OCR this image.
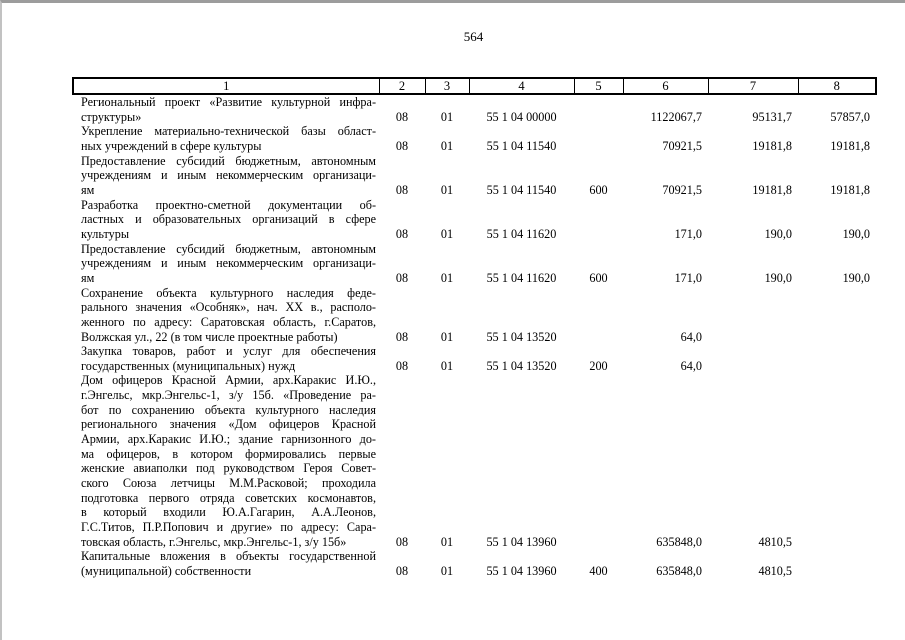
564
1	2	3	4	5	6	7	8

Региональный проект «Развитие культурной инфра-
структуры»	08	01	55 1 04 00000		1122067,7	95131,7	57857,0

Укрепление материально-технической базы област-
ных учреждений в сфере культуры	08	01	55 1 04 11540		70921,5	19181,8	19181,8

Предоставление субсидий бюджетным, автономным
учреждениям и иным некоммерческим организаци-
ям	08	01	55 1 04 11540	600	70921,5	19181,8	19181,8

Разработка проектно-сметной документации об-
ластных и образовательных организаций в сфере
культуры	08	01	55 1 04 11620		171,0	190,0	190,0

Предоставление субсидий бюджетным, автономным
учреждениям и иным некоммерческим организаци-
ям	08	01	55 1 04 11620	600	171,0	190,0	190,0

Сохранение объекта культурного наследия феде-
рального значения «Особняк», нач. XX в., располо-
женного по адресу: Саратовская область, г.Саратов,
Волжская ул., 22 (в том числе проектные работы)	08	01	55 1 04 13520		64,0		

Закупка товаров, работ и услуг для обеспечения
государственных (муниципальных) нужд	08	01	55 1 04 13520	200	64,0		

Дом офицеров Красной Армии, арх.Каракис И.Ю.,
г.Энгельс, мкр.Энгельс-1, з/у 15б. «Проведение ра-
бот по сохранению объекта культурного наследия
регионального значения «Дом офицеров Красной
Армии, арх.Каракис И.Ю.; здание гарнизонного до-
ма офицеров, в котором формировались первые
женские авиаполки под руководством Героя Совет-
ского Союза летчицы М.М.Расковой; проходила
подготовка первого отряда советских космонавтов,
в который входили Ю.А.Гагарин, А.А.Леонов,
Г.С.Титов, П.Р.Попович и другие» по адресу: Сара-
товская область, г.Энгельс, мкр.Энгельс-1, з/у 15б»	08	01	55 1 04 13960		635848,0	4810,5	

Капитальные вложения в объекты государственной
(муниципальной) собственности	08	01	55 1 04 13960	400	635848,0	4810,5	
